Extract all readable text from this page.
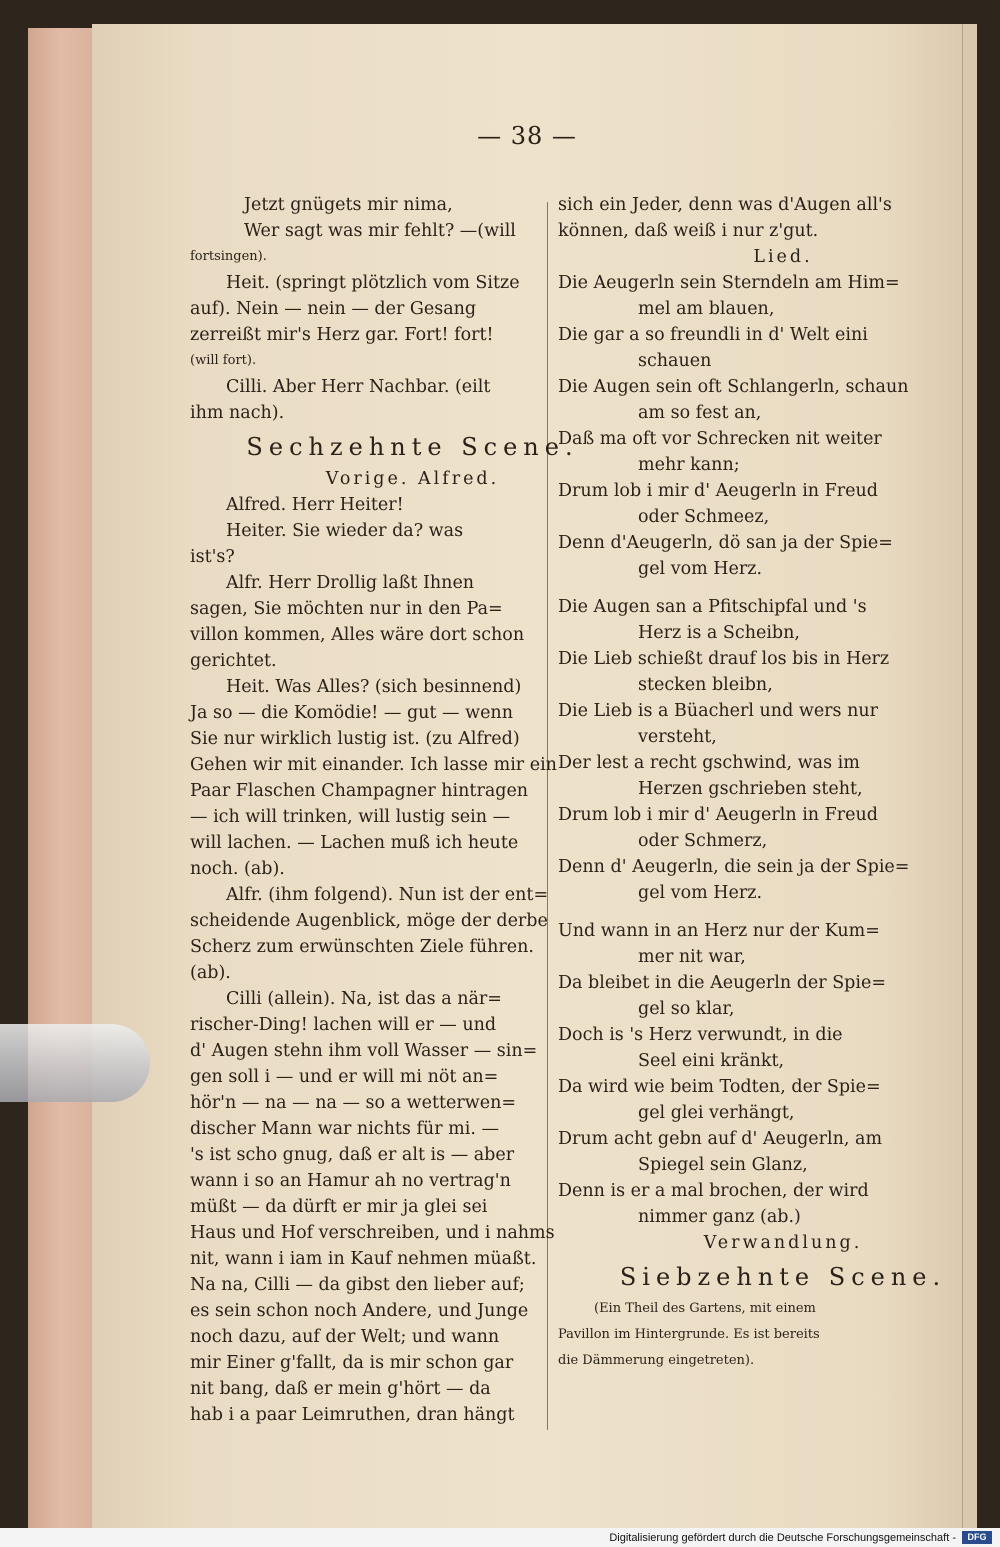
— 38 —
Jetzt gnügets mir nima,
Wer sagt was mir fehlt? —(will
fortsingen).
Heit. (springt plötzlich vom Sitze
auf). Nein — nein — der Gesang
zerreißt mir's Herz gar. Fort! fort!
(will fort).
Cilli. Aber Herr Nachbar. (eilt
ihm nach).
Sechzehnte Scene.
Vorige. Alfred.
Alfred. Herr Heiter!
Heiter. Sie wieder da? was
ist's?
Alfr. Herr Drollig laßt Ihnen
sagen, Sie möchten nur in den Pa=
villon kommen, Alles wäre dort schon
gerichtet.
Heit. Was Alles? (sich besinnend)
Ja so — die Komödie! — gut — wenn
Sie nur wirklich lustig ist. (zu Alfred)
Gehen wir mit einander. Ich lasse mir ein
Paar Flaschen Champagner hintragen
— ich will trinken, will lustig sein —
will lachen. — Lachen muß ich heute
noch. (ab).
Alfr. (ihm folgend). Nun ist der ent=
scheidende Augenblick, möge der derbe
Scherz zum erwünschten Ziele führen.
(ab).
Cilli (allein). Na, ist das a när=
rischer-Ding! lachen will er — und
d' Augen stehn ihm voll Wasser — sin=
gen soll i — und er will mi nöt an=
hör'n — na — na — so a wetterwen=
discher Mann war nichts für mi. —
's ist scho gnug, daß er alt is — aber
wann i so an Hamur ah no vertrag'n
müßt — da dürft er mir ja glei sei
Haus und Hof verschreiben, und i nahms
nit, wann i iam in Kauf nehmen müaßt.
Na na, Cilli — da gibst den lieber auf;
es sein schon noch Andere, und Junge
noch dazu, auf der Welt; und wann
mir Einer g'fallt, da is mir schon gar
nit bang, daß er mein g'hört — da
hab i a paar Leimruthen, dran hängt
sich ein Jeder, denn was d'Augen all's
können, daß weiß i nur z'gut.
Lied.
Die Aeugerln sein Sterndeln am Him=
mel am blauen,
Die gar a so freundli in d' Welt eini
schauen
Die Augen sein oft Schlangerln, schaun
am so fest an,
Daß ma oft vor Schrecken nit weiter
mehr kann;
Drum lob i mir d' Aeugerln in Freud
oder Schmeez,
Denn d'Aeugerln, dö san ja der Spie=
gel vom Herz.
Die Augen san a Pfitschipfal und 's
Herz is a Scheibn,
Die Lieb schießt drauf los bis in Herz
stecken bleibn,
Die Lieb is a Büacherl und wers nur
versteht,
Der lest a recht gschwind, was im
Herzen gschrieben steht,
Drum lob i mir d' Aeugerln in Freud
oder Schmerz,
Denn d' Aeugerln, die sein ja der Spie=
gel vom Herz.
Und wann in an Herz nur der Kum=
mer nit war,
Da bleibet in die Aeugerln der Spie=
gel so klar,
Doch is 's Herz verwundt, in die
Seel eini kränkt,
Da wird wie beim Todten, der Spie=
gel glei verhängt,
Drum acht gebn auf d' Aeugerln, am
Spiegel sein Glanz,
Denn is er a mal brochen, der wird
nimmer ganz (ab.)
Verwandlung.
Siebzehnte Scene.
(Ein Theil des Gartens, mit einem
Pavillon im Hintergrunde. Es ist bereits
die Dämmerung eingetreten).
Digitalisierung gefördert durch die Deutsche Forschungsgemeinschaft -	DFG
